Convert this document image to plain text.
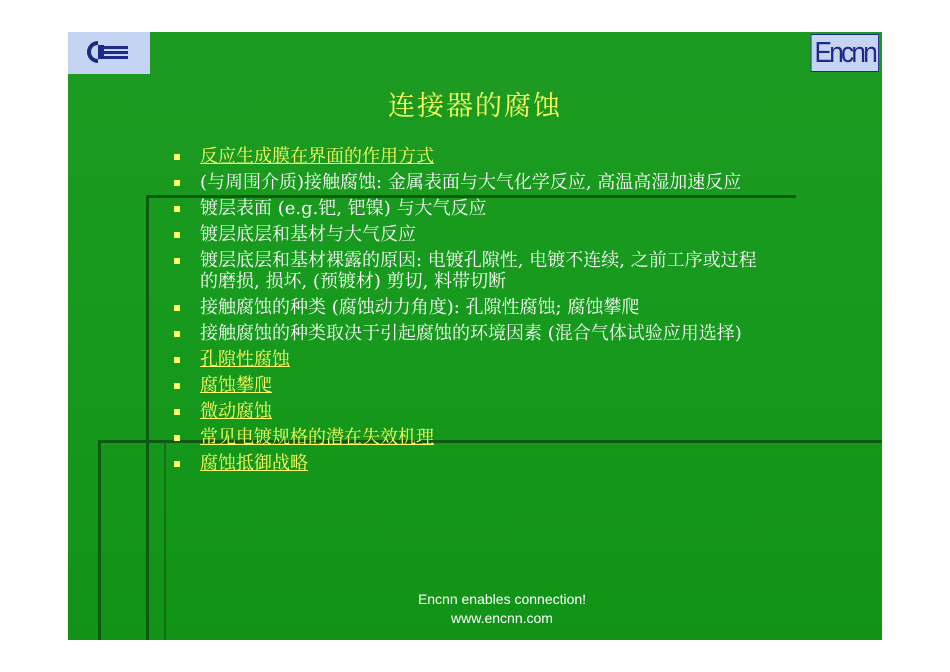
Encnn
连接器的腐蚀
反应生成膜在界面的作用方式
(与周围介质)接触腐蚀: 金属表面与大气化学反应, 高温高湿加速反应
镀层表面 (e.g.钯, 钯镍) 与大气反应
镀层底层和基材与大气反应
镀层底层和基材裸露的原因: 电镀孔隙性, 电镀不连续, 之前工序或过程的磨损, 损坏, (预镀材) 剪切, 料带切断
接触腐蚀的种类 (腐蚀动力角度): 孔隙性腐蚀; 腐蚀攀爬
接触腐蚀的种类取决于引起腐蚀的环境因素 (混合气体试验应用选择)
孔隙性腐蚀
腐蚀攀爬
微动腐蚀
常见电镀规格的潜在失效机理
腐蚀抵御战略
Encnn enables connection!
www.encnn.com
